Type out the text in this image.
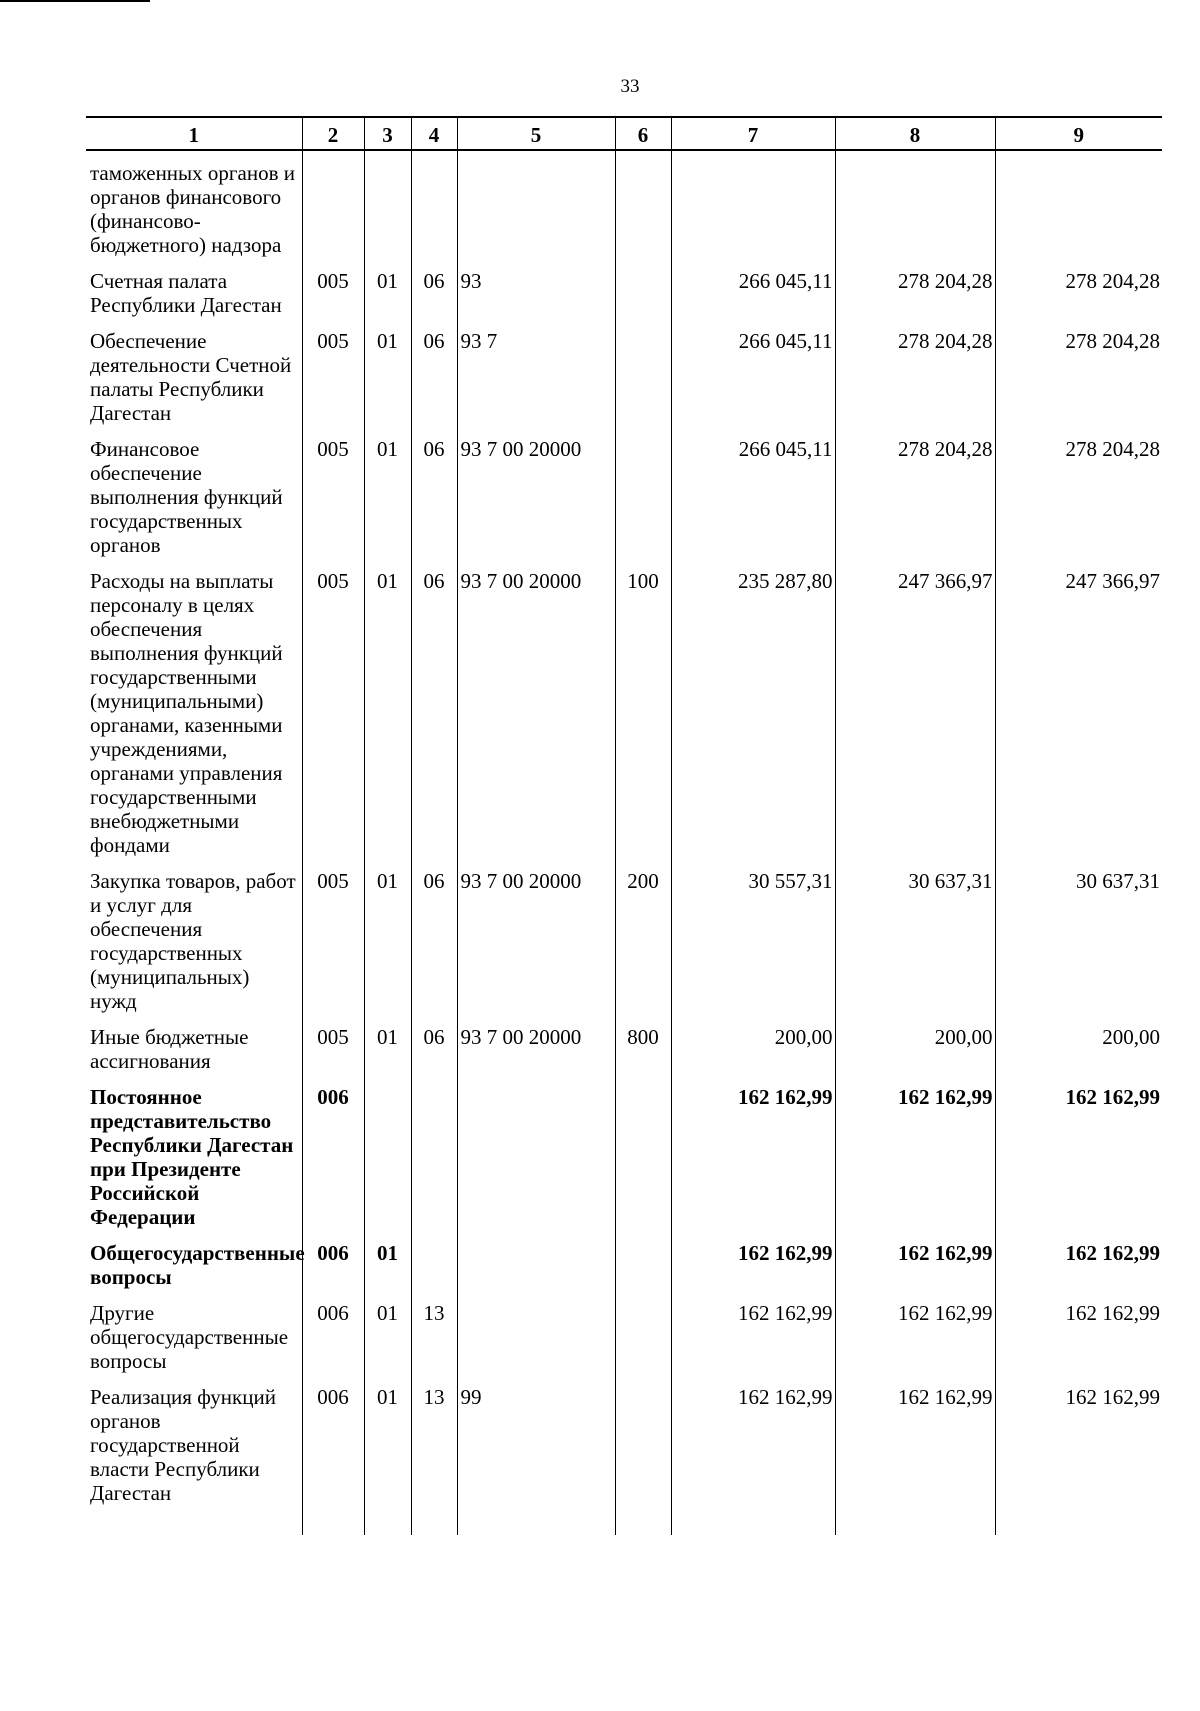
33
1	2	3	4	5	6	7	8	9
таможенных органов и органов финансового (финансово-бюджетного) надзора								
Счетная палата Республики Дагестан	005	01	06	93		266 045,11	278 204,28	278 204,28
Обеспечение деятельности Счетной палаты Республики Дагестан	005	01	06	93 7		266 045,11	278 204,28	278 204,28
Финансовое обеспечение выполнения функций государственных органов	005	01	06	93 7 00 20000		266 045,11	278 204,28	278 204,28
Расходы на выплаты персоналу в целях обеспечения выполнения функций государственными (муниципальными) органами, казенными учреждениями, органами управления государственными внебюджетными фондами	005	01	06	93 7 00 20000	100	235 287,80	247 366,97	247 366,97
Закупка товаров, работ и услуг для обеспечения государственных (муниципальных) нужд	005	01	06	93 7 00 20000	200	30 557,31	30 637,31	30 637,31
Иные бюджетные ассигнования	005	01	06	93 7 00 20000	800	200,00	200,00	200,00
Постоянное представительство Республики Дагестан при Президенте Российской Федерации	006					162 162,99	162 162,99	162 162,99
Общегосударственные вопросы	006	01				162 162,99	162 162,99	162 162,99
Другие общегосударственные вопросы	006	01	13			162 162,99	162 162,99	162 162,99
Реализация функций органов государственной власти Республики Дагестан	006	01	13	99		162 162,99	162 162,99	162 162,99
